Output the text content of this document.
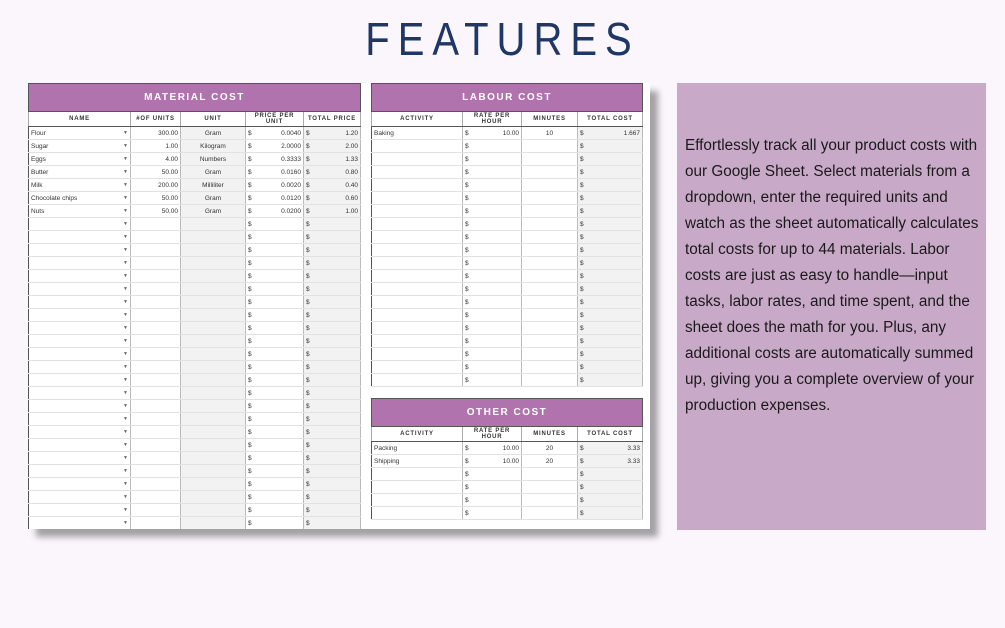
FEATURES
MATERIAL COST				
NAME	#OF UNITS	UNIT	PRICE PER UNIT	TOTAL PRICE
Flour ▼	300.00	Gram	$ 0.0040	$ 1.20

Sugar ▼	1.00	Kilogram	$ 2.0000	$ 2.00

Eggs ▼	4.00	Numbers	$ 0.3333	$ 1.33

Butter ▼	50.00	Gram	$ 0.0160	$ 0.80

Milk ▼	200.00	Milliliter	$ 0.0020	$ 0.40

Chocolate chips ▼	50.00	Gram	$ 0.0120	$ 0.60

Nuts ▼	50.00	Gram	$ 0.0200	$ 1.00

▼			$	$

▼			$	$

▼			$	$

▼			$	$

▼			$	$

▼			$	$

▼			$	$

▼			$	$

▼			$	$

▼			$	$

▼			$	$

▼			$	$

▼			$	$

▼			$	$

▼			$	$

▼			$	$

▼			$	$

▼			$	$

▼			$	$

▼			$	$

▼			$	$

▼			$	$

▼			$	$

▼			$	$
LABOUR COST			
ACTIVITY	RATE PER HOUR	MINUTES	TOTAL COST
Baking	$ 10.00	10	$ 1.667

	$		$

	$		$

	$		$

	$		$

	$		$

	$		$

	$		$

	$		$

	$		$

	$		$

	$		$

	$		$

	$		$

	$		$

	$		$

	$		$

	$		$

	$		$

	$		$
OTHER COST			
ACTIVITY	RATE PER HOUR	MINUTES	TOTAL COST
Packing	$ 10.00	20	$ 3.33

Shipping	$ 10.00	20	$ 3.33

	$		$

	$		$

	$		$

	$		$

Effortlessly track all your product costs with our Google Sheet. Select materials from a dropdown, enter the required units and watch as the sheet automatically calculates total costs for up to 44 materials. Labor costs are just as easy to handle—input tasks, labor rates, and time spent, and the sheet does the math for you. Plus, any additional costs are automatically summed up, giving you a complete overview of your production expenses.
